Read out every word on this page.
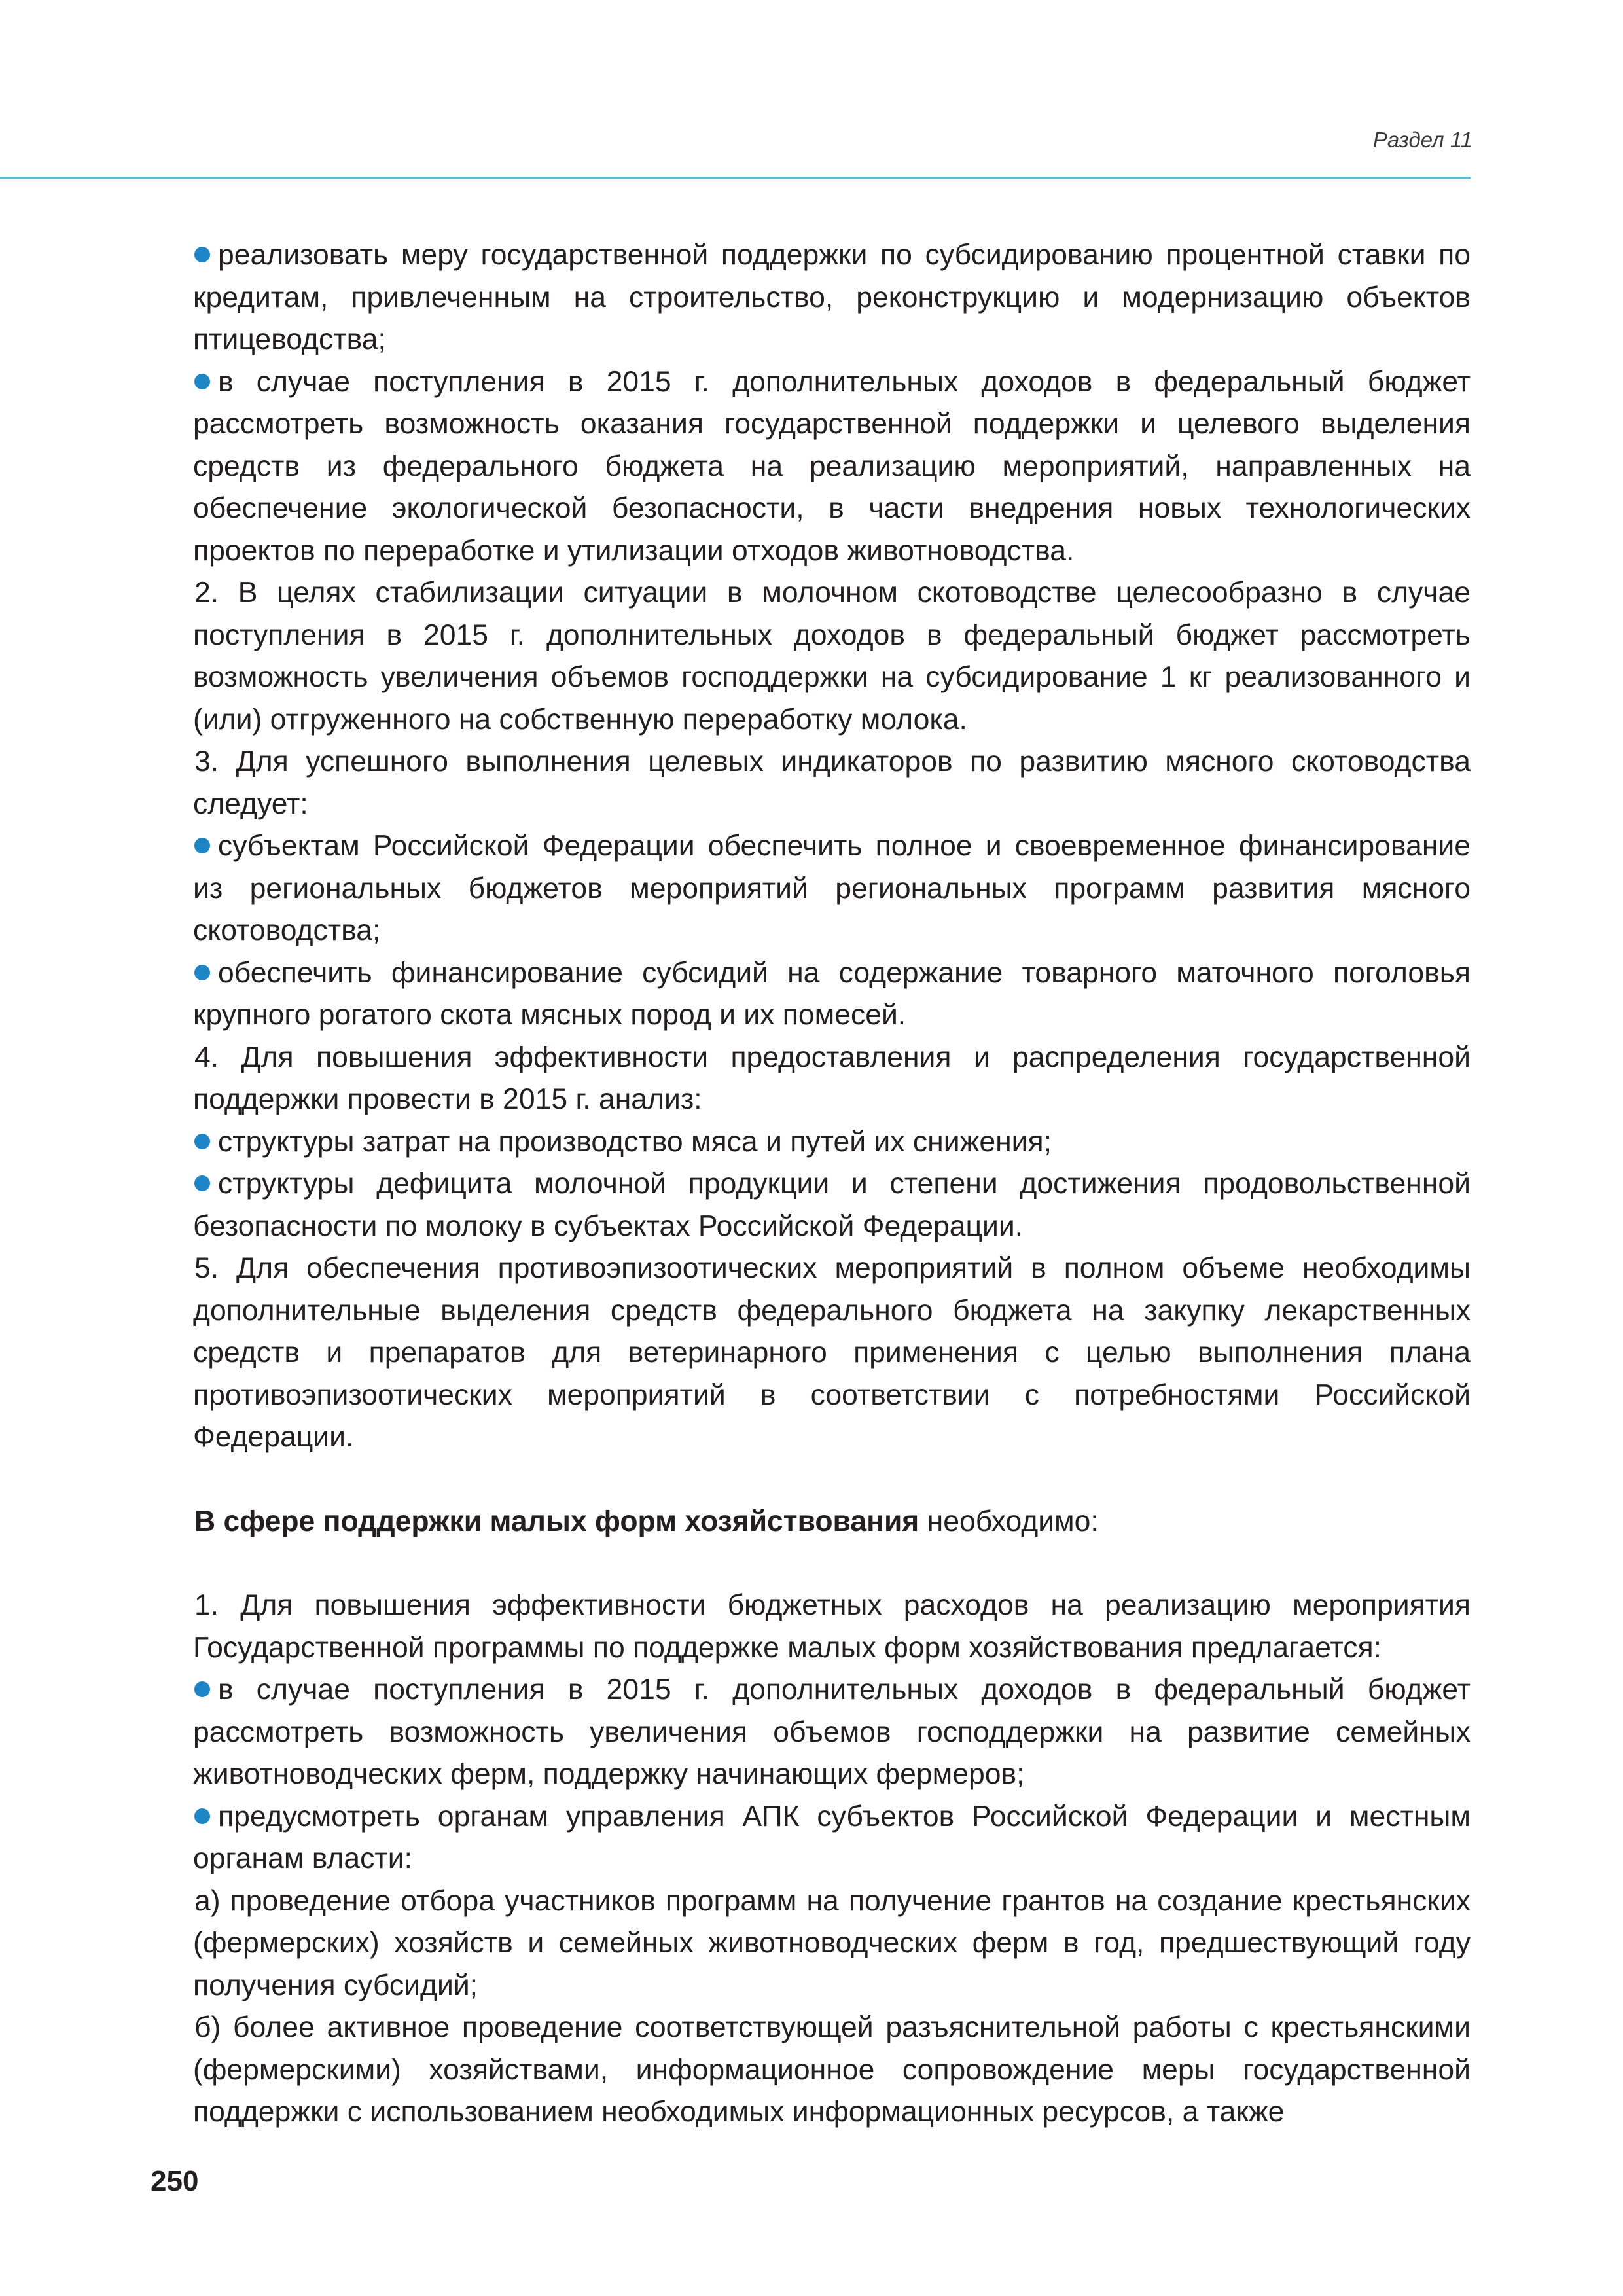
Раздел 11

реализовать меру государственной поддержки по субсидированию процентной ставки по кредитам, привлеченным на строительство, реконструкцию и модернизацию объектов птицеводства;

в случае поступления в 2015 г. дополнительных доходов в федеральный бюджет рассмотреть возможность оказания государственной поддержки и целевого выделения средств из федерального бюджета на реализацию мероприятий, направленных на обеспечение экологической безопасности, в части внедрения новых технологических проектов по переработке и утилизации отходов животноводства.

2. В целях стабилизации ситуации в молочном скотоводстве целесообразно в случае поступления в 2015 г. дополнительных доходов в федеральный бюджет рассмотреть возможность увеличения объемов господдержки на субсидирование 1 кг реализованного и (или) отгруженного на собственную переработку молока.

3. Для успешного выполнения целевых индикаторов по развитию мясного скотоводства следует:

субъектам Российской Федерации обеспечить полное и своевременное финансирование из региональных бюджетов мероприятий региональных программ развития мясного скотоводства;

обеспечить финансирование субсидий на содержание товарного маточного поголовья крупного рогатого скота мясных пород и их помесей.

4. Для повышения эффективности предоставления и распределения государственной поддержки провести в 2015 г. анализ:

структуры затрат на производство мяса и путей их снижения;

структуры дефицита молочной продукции и степени достижения продовольственной безопасности по молоку в субъектах Российской Федерации.

5. Для обеспечения противоэпизоотических мероприятий в полном объеме необходимы дополнительные выделения средств федерального бюджета на закупку лекарственных средств и препаратов для ветеринарного применения с целью выполнения плана противоэпизоотических мероприятий в соответствии с потребностями Российской Федерации.

В сфере поддержки малых форм хозяйствования необходимо:

1. Для повышения эффективности бюджетных расходов на реализацию мероприятия Государственной программы по поддержке малых форм хозяйствования предлагается:

в случае поступления в 2015 г. дополнительных доходов в федеральный бюджет рассмотреть возможность увеличения объемов господдержки на развитие семейных животноводческих ферм, поддержку начинающих фермеров;

предусмотреть органам управления АПК субъектов Российской Федерации и местным органам власти:

а) проведение отбора участников программ на получение грантов на создание крестьянских (фермерских) хозяйств и семейных животноводческих ферм в год, предшествующий году получения субсидий;

б) более активное проведение соответствующей разъяснительной работы с крестьянскими (фермерскими) хозяйствами, информационное сопровождение меры государственной поддержки с использованием необходимых информационных ресурсов, а также

250
